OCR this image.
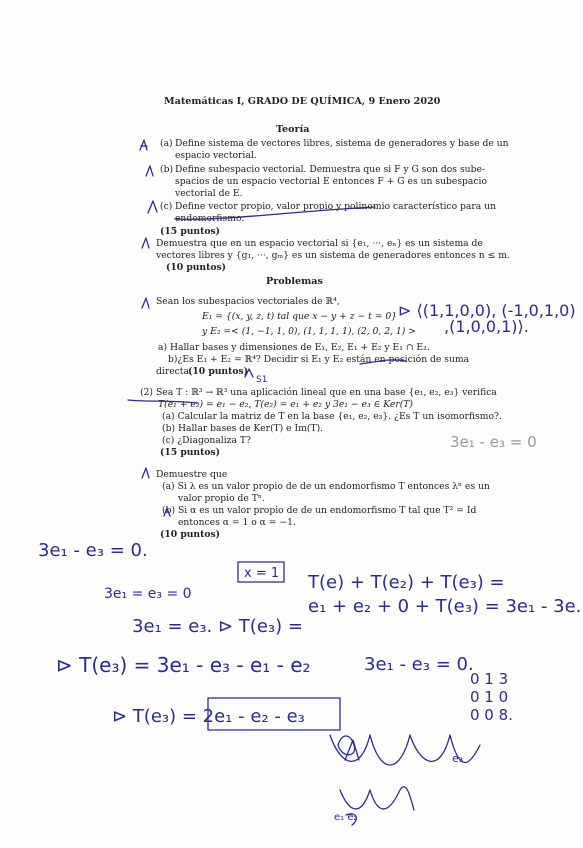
Matemáticas I, GRADO DE QUÍMICA, 9 Enero 2020
Teoría
(a) Define sistema de vectores libres, sistema de generadores y base de un
espacio vectorial.
(b) Define subespacio vectorial. Demuestra que si F y G son dos sube-
spacios de un espacio vectorial E entonces F + G es un subespacio
vectorial de E.
(c) Define vector propio, valor propio y polinomio característico para un
endomorfismo.
(15 puntos)
Demuestra que en un espacio vectorial si {e₁, ···, eₙ} es un sistema de
vectores libres y {g₁, ···, gₘ} es un sistema de generadores entonces n ≤ m.
(10 puntos)
Problemas
Sean los subespacios vectoriales de ℝ⁴,
E₁ = {(x, y, z, t) tal que x − y + z − t = 0}
y E₂ =< (1, −1, 1, 0), (1, 1, 1, 1), (2, 0, 2, 1) >
a) Hallar bases y dimensiones de E₁, E₂, E₁ + E₂ y E₁ ∩ E₂.
b)¿Es E₁ + E₂ = ℝ⁴? Decidir si E₁ y E₂ están en posición de suma
directa.
(10 puntos)
(2) Sea T : ℝ³ → ℝ³ una aplicación lineal que en una base {e₁, e₂, e₃} verifica
T(e₁ + e₂) = e₁ − e₂, T(e₂) = e₁ + e₂ y 3e₁ − e₃ ∈ Ker(T)
(a) Calcular la matriz de T en la base {e₁, e₂, e₃}. ¿Es T un isomorfismo?.
(b) Hallar bases de Ker(T) e Im(T).
(c) ¿Diagonaliza T?
(15 puntos)
Demuestre que
(a) Si λ es un valor propio de de un endomorfismo T entonces λⁿ es un
valor propio de Tⁿ.
(b) Si α es un valor propio de de un endomorfismo T tal que T² = Id
entonces α = 1 o α = −1.
(10 puntos)
S1
⊳ ⟨(1,1,0,0), (-1,0,1,0)
,(1,0,0,1)⟩.
3e₁ - e₃ = 0
3e₁ - e₃ = 0.
3e₁ = e₃ = 0
x = 1 T(e) + T(e₂) + T(e₃) =
e₁ + e₂ + 0 + T(e₃) = 3e₁ - 3e.
3e₁ = e₃. ⊳ T(e₃) =
⊳ T(e₃) = 3e₁ - e₃ - e₁ - e₂	3e₁ - e₃ = 0.
0 1 3
0 1 0
0 0 8.
⊳ T(e₃) = 2e₁ - e₂ - e₃
e₃
e₁ e₂
